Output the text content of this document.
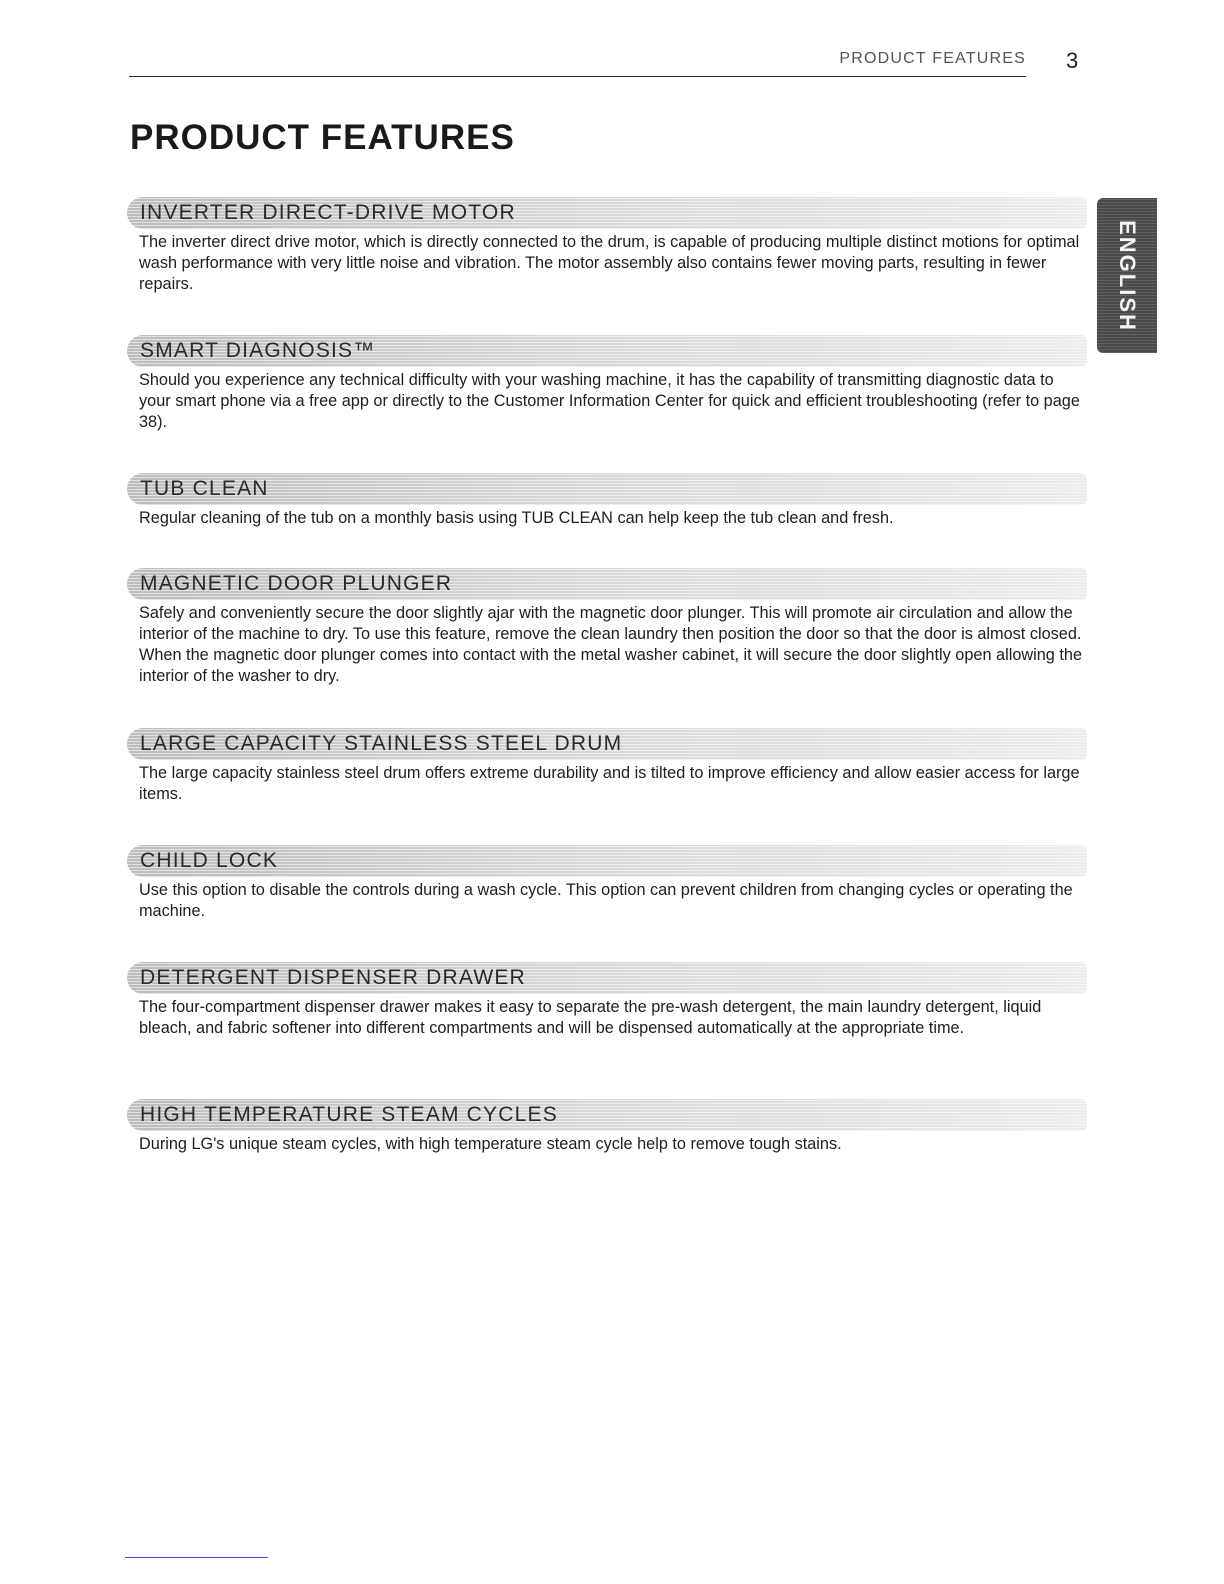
PRODUCT FEATURES 3
PRODUCT FEATURES
ENGLISH
INVERTER DIRECT-DRIVE MOTOR

The inverter direct drive motor, which is directly connected to the drum, is capable of producing multiple distinct motions for optimal wash performance with very little noise and vibration. The motor assembly also contains fewer moving parts, resulting in fewer repairs.

SMART DIAGNOSIS™

Should you experience any technical difficulty with your washing machine, it has the capability of transmitting diagnostic data to your smart phone via a free app or directly to the Customer Information Center for quick and efficient troubleshooting (refer to page 38).

TUB CLEAN

Regular cleaning of the tub on a monthly basis using TUB CLEAN can help keep the tub clean and fresh.

MAGNETIC DOOR PLUNGER

Safely and conveniently secure the door slightly ajar with the magnetic door plunger. This will promote air circulation and allow the interior of the machine to dry. To use this feature, remove the clean laundry then position the door so that the door is almost closed. When the magnetic door plunger comes into contact with the metal washer cabinet, it will secure the door slightly open allowing the interior of the washer to dry.

LARGE CAPACITY STAINLESS STEEL DRUM

The large capacity stainless steel drum offers extreme durability and is tilted to improve efficiency and allow easier access for large items.

CHILD LOCK

Use this option to disable the controls during a wash cycle. This option can prevent children from changing cycles or operating the machine.

DETERGENT DISPENSER DRAWER

The four-compartment dispenser drawer makes it easy to separate the pre-wash detergent, the main laundry detergent, liquid bleach, and fabric softener into different compartments and will be dispensed automatically at the appropriate time.

HIGH TEMPERATURE STEAM CYCLES

During LG's unique steam cycles, with high temperature steam cycle help to remove tough stains.
